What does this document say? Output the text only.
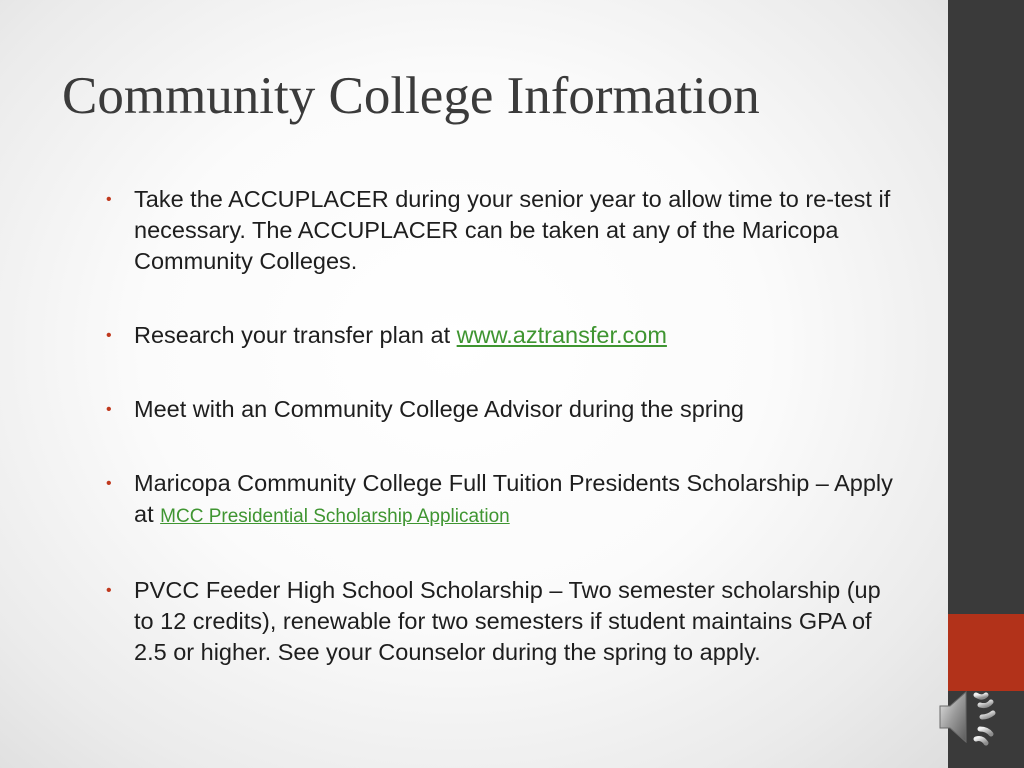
Community College Information
• Take the ACCUPLACER during your senior year to allow time to re-test if necessary. The ACCUPLACER can be taken at any of the Maricopa Community Colleges.
• Research your transfer plan at www.aztransfer.com
• Meet with an Community College Advisor during the spring
• Maricopa Community College Full Tuition Presidents Scholarship – Apply at MCC Presidential Scholarship Application
• PVCC Feeder High School Scholarship – Two semester scholarship (up to 12 credits), renewable for two semesters if student maintains GPA of 2.5 or higher. See your Counselor during the spring to apply.
